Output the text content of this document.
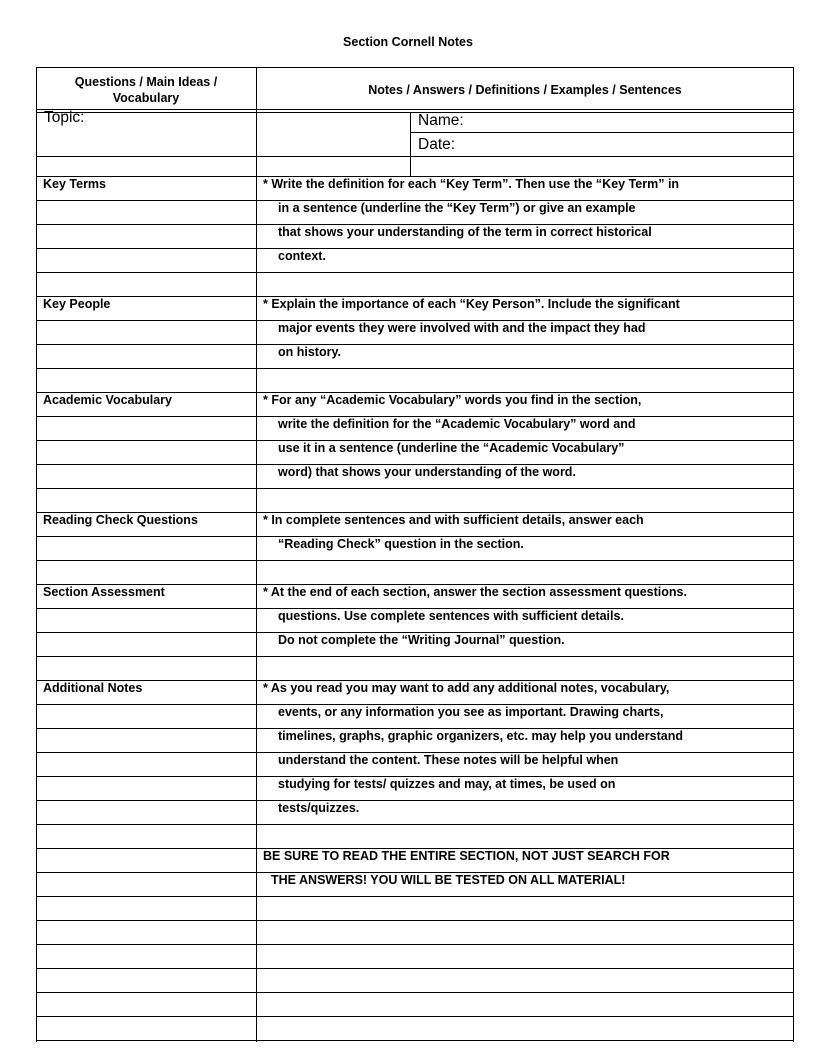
Section Cornell Notes
Questions / Main Ideas / Vocabulary
Notes / Answers / Definitions / Examples / Sentences
Topic:	Name:
Date:
Key Terms	* Write the definition for each “Key Term”. Then use the “Key Term” in
in a sentence (underline the “Key Term”) or give an example
that shows your understanding of the term in correct historical
context.
Key People	* Explain the importance of each “Key Person”. Include the significant
major events they were involved with and the impact they had
on history.
Academic Vocabulary	* For any “Academic Vocabulary” words you find in the section,
write the definition for the “Academic Vocabulary” word and
use it in a sentence (underline the “Academic Vocabulary”
word) that shows your understanding of the word.
Reading Check Questions	* In complete sentences and with sufficient details, answer each
“Reading Check” question in the section.
Section Assessment	* At the end of each section, answer the section assessment questions.
questions. Use complete sentences with sufficient details.
Do not complete the “Writing Journal” question.
Additional Notes	* As you read you may want to add any additional notes, vocabulary,
events, or any information you see as important. Drawing charts,
timelines, graphs, graphic organizers, etc. may help you understand
understand the content. These notes will be helpful when
studying for tests/ quizzes and may, at times, be used on
tests/quizzes.
BE SURE TO READ THE ENTIRE SECTION, NOT JUST SEARCH FOR
THE ANSWERS! YOU WILL BE TESTED ON ALL MATERIAL!
